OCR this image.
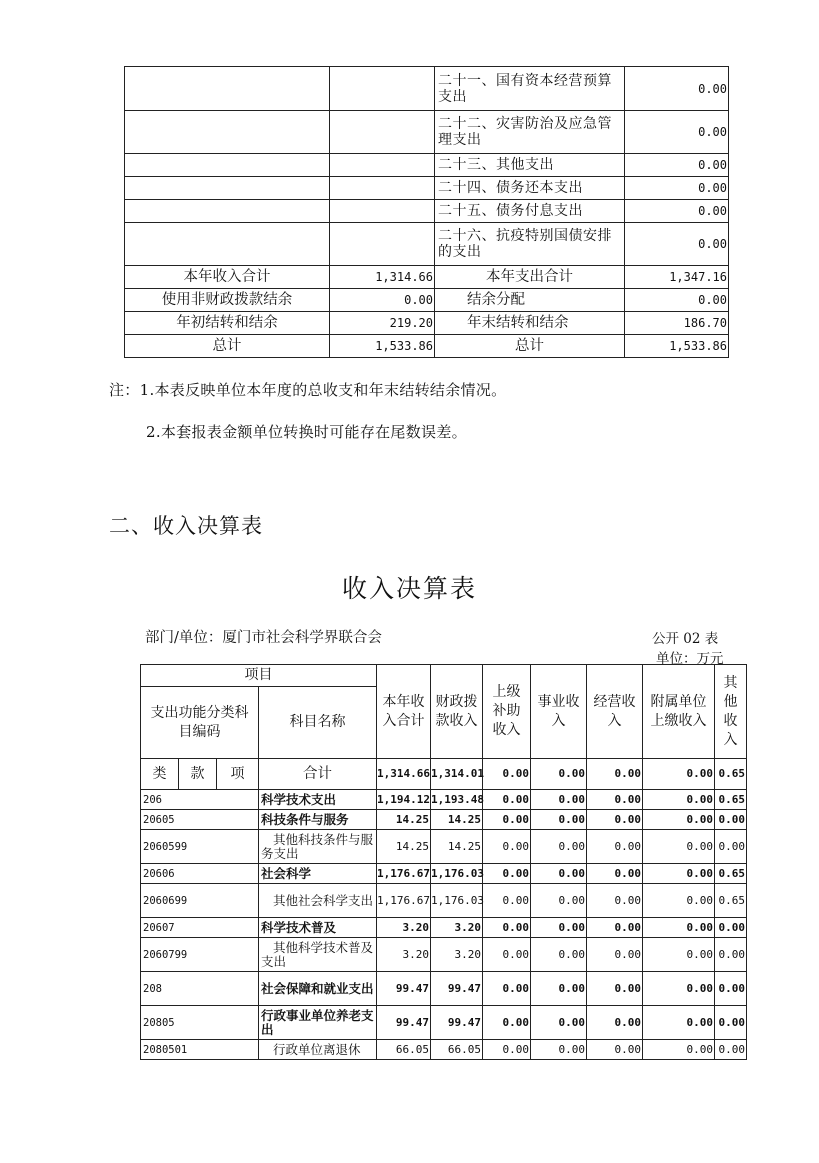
		二十一、国有资本经营预算支出	0.00
		二十二、灾害防治及应急管理支出	0.00
		二十三、其他支出	0.00
		二十四、债务还本支出	0.00
		二十五、债务付息支出	0.00
		二十六、抗疫特别国债安排的支出	0.00
本年收入合计	1,314.66	本年支出合计	1,347.16
使用非财政拨款结余	0.00	结余分配	0.00
年初结转和结余	219.20	年末结转和结余	186.70
总计	1,533.86	总计	1,533.86
注：1.本表反映单位本年度的总收支和年末结转结余情况。
2.本套报表金额单位转换时可能存在尾数误差。
二、收入决算表
收入决算表
部门/单位：厦门市社会科学界联合会	公开 02 表
单位：万元
项目				本年收入合计	财政拨款收入	上级补助收入	事业收入	经营收入	附属单位上缴收入	其他收入
支出功能分类科目编码			科目名称							
类	款	项	合计	1,314.66	1,314.01	0.00	0.00	0.00	0.00	0.65
206			科学技术支出	1,194.12	1,193.48	0.00	0.00	0.00	0.00	0.65
20605			科技条件与服务	14.25	14.25	0.00	0.00	0.00	0.00	0.00
2060599			其他科技条件与服务支出	14.25	14.25	0.00	0.00	0.00	0.00	0.00
20606			社会科学	1,176.67	1,176.03	0.00	0.00	0.00	0.00	0.65
2060699			其他社会科学支出	1,176.67	1,176.03	0.00	0.00	0.00	0.00	0.65
20607			科学技术普及	3.20	3.20	0.00	0.00	0.00	0.00	0.00
2060799			其他科学技术普及支出	3.20	3.20	0.00	0.00	0.00	0.00	0.00
208			社会保障和就业支出	99.47	99.47	0.00	0.00	0.00	0.00	0.00
20805			行政事业单位养老支出	99.47	99.47	0.00	0.00	0.00	0.00	0.00
2080501			行政单位离退休	66.05	66.05	0.00	0.00	0.00	0.00	0.00
